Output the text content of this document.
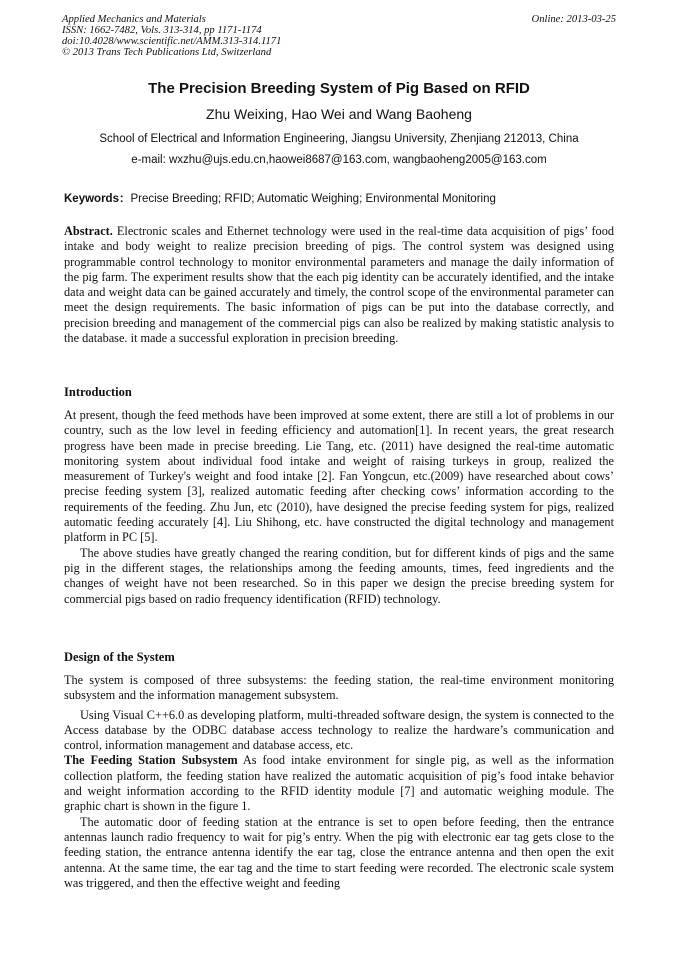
Applied Mechanics and Materials
ISSN: 1662-7482, Vols. 313-314, pp 1171-1174
doi:10.4028/www.scientific.net/AMM.313-314.1171
© 2013 Trans Tech Publications Ltd, Switzerland
Online: 2013-03-25
The Precision Breeding System of Pig Based on RFID
Zhu Weixing, Hao Wei and Wang Baoheng
School of Electrical and Information Engineering, Jiangsu University, Zhenjiang 212013, China
e-mail: wxzhu@ujs.edu.cn,haowei8687@163.com, wangbaoheng2005@163.com
Keywords：Precise Breeding; RFID; Automatic Weighing; Environmental Monitoring

Abstract. Electronic scales and Ethernet technology were used in the real-time data acquisition of pigs’ food intake and body weight to realize precision breeding of pigs. The control system was designed using programmable control technology to monitor environmental parameters and manage the daily information of the pig farm. The experiment results show that the each pig identity can be accurately identified, and the intake data and weight data can be gained accurately and timely, the control scope of the environmental parameter can meet the design requirements. The basic information of pigs can be put into the database correctly, and precision breeding and management of the commercial pigs can also be realized by making statistic analysis to the database. it made a successful exploration in precision breeding.

Introduction

At present, though the feed methods have been improved at some extent, there are still a lot of problems in our country, such as the low level in feeding efficiency and automation[1]. In recent years, the great research progress have been made in precise breeding. Lie Tang, etc. (2011) have designed the real-time automatic monitoring system about individual food intake and weight of raising turkeys in group, realized the measurement of Turkey's weight and food intake [2]. Fan Yongcun, etc.(2009) have researched about cows’ precise feeding system [3], realized automatic feeding after checking cows’ information according to the requirements of the feeding. Zhu Jun, etc (2010), have designed the precise feeding system for pigs, realized automatic feeding accurately [4]. Liu Shihong, etc. have constructed the digital technology and management platform in PC [5].

The above studies have greatly changed the rearing condition, but for different kinds of pigs and the same pig in the different stages, the relationships among the feeding amounts, times, feed ingredients and the changes of weight have not been researched. So in this paper we design the precise breeding system for commercial pigs based on radio frequency identification (RFID) technology.

Design of the System

The system is composed of three subsystems: the feeding station, the real-time environment monitoring subsystem and the information management subsystem.

Using Visual C++6.0 as developing platform, multi-threaded software design, the system is connected to the Access database by the ODBC database access technology to realize the hardware’s communication and control, information management and database access, etc.

The Feeding Station Subsystem As food intake environment for single pig, as well as the information collection platform, the feeding station have realized the automatic acquisition of pig’s food intake behavior and weight information according to the RFID identity module [7] and automatic weighing module. The graphic chart is shown in the figure 1.

The automatic door of feeding station at the entrance is set to open before feeding, then the entrance antennas launch radio frequency to wait for pig’s entry. When the pig with electronic ear tag gets close to the feeding station, the entrance antenna identify the ear tag, close the entrance antenna and then open the exit antenna. At the same time, the ear tag and the time to start feeding were recorded. The electronic scale system was triggered, and then the effective weight and feeding
